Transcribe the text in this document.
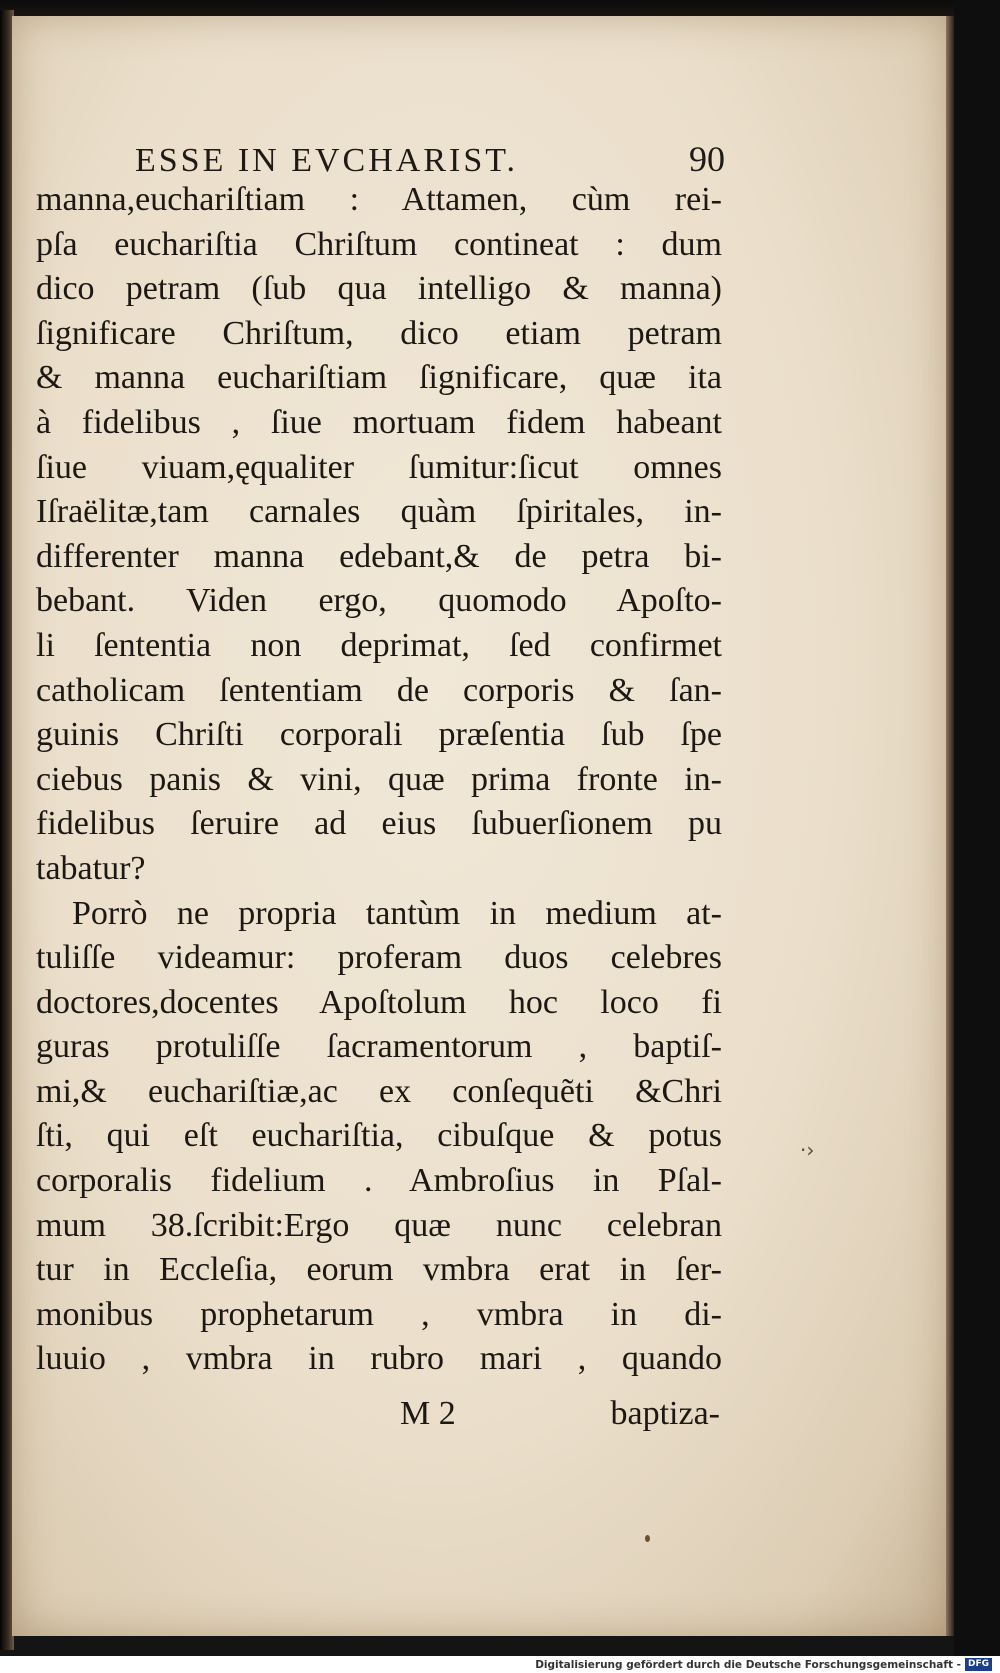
ESSE IN EVCHARIST.	90
manna,euchariſtiam : Attamen, cùm rei-
pſa euchariſtia Chriſtum contineat : dum
dico petram (ſub qua intelligo & manna)
ſignificare Chriſtum, dico etiam petram
& manna euchariſtiam ſignificare, quæ ita
à fidelibus , ſiue mortuam fidem habeant
ſiue viuam,ęqualiter ſumitur:ſicut omnes
Iſraëlitæ,tam carnales quàm ſpiritales, in-
differenter manna edebant,& de petra bi-
bebant. Viden ergo, quomodo Apoſto-
li ſententia non deprimat, ſed confirmet
catholicam ſententiam de corporis & ſan-
guinis Chriſti corporali præſentia ſub ſpe
ciebus panis & vini, quæ prima fronte in-
fidelibus ſeruire ad eius ſubuerſionem pu
tabatur?
Porrò ne propria tantùm in medium at-
tuliſſe videamur: proferam duos celebres
doctores,docentes Apoſtolum hoc loco fi
guras protuliſſe ſacramentorum , baptiſ-
mi,& euchariſtiæ,ac ex conſequẽti &Chri
ſti, qui eſt euchariſtia, cibuſque & potus
corporalis fidelium . Ambroſius in Pſal-
mum 38.ſcribit:Ergo quæ nunc celebran
tur in Eccleſia, eorum vmbra erat in ſer-
monibus prophetarum , vmbra in di-
luuio , vmbra in rubro mari , quando
M 2	baptiza-
·›
Digitalisierung gefördert durch die Deutsche Forschungsgemeinschaft - DFG
